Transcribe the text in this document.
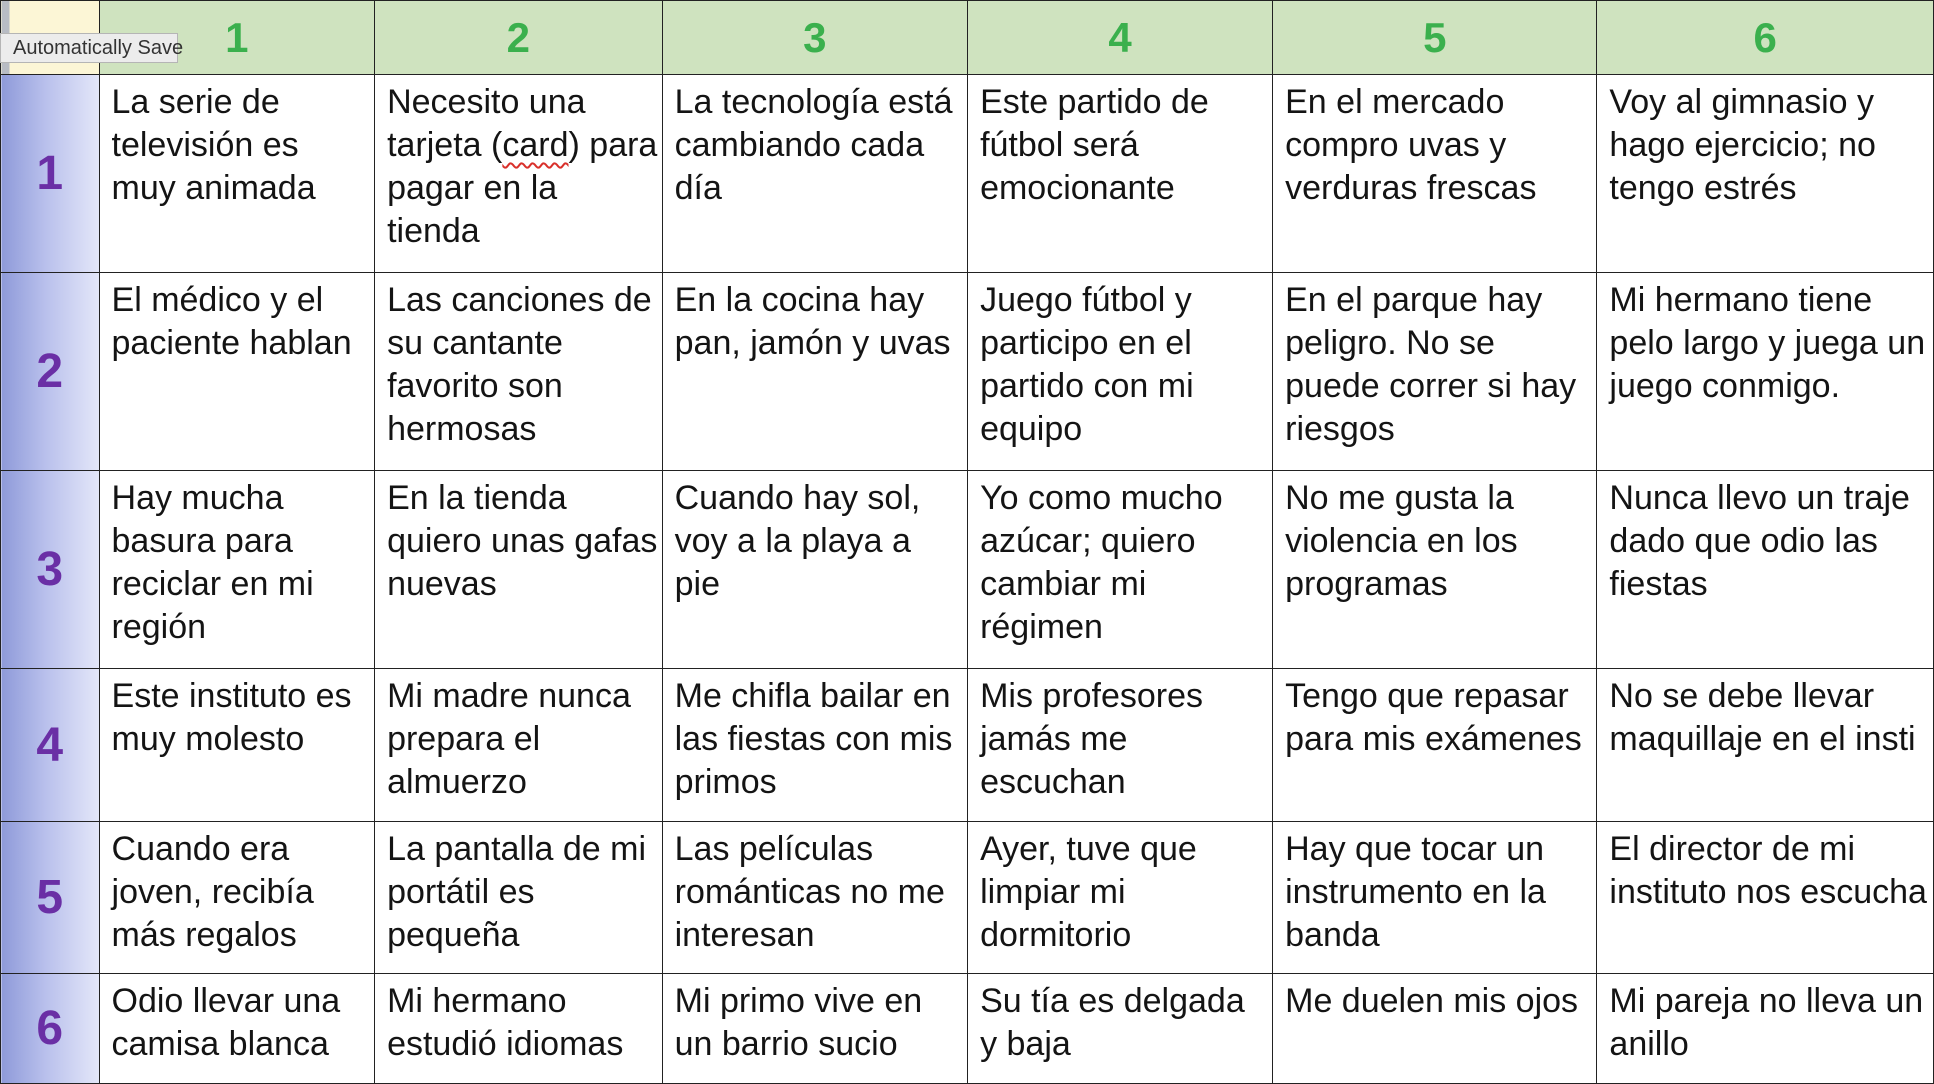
Automatically Save
	1	2	3	4	5	6
1	La serie de televisión es muy animada	Necesito una tarjeta (card) para pagar en la tienda	La tecnología está cambiando cada día	Este partido de fútbol será emocionante	En el mercado compro uvas y verduras frescas	Voy al gimnasio y hago ejercicio; no tengo estrés
2	El médico y el paciente hablan	Las canciones de su cantante favorito son hermosas	En la cocina hay pan, jamón y uvas	Juego fútbol y participo en el partido con mi equipo	En el parque hay peligro. No se puede correr si hay riesgos	Mi hermano tiene pelo largo y juega un juego conmigo.
3	Hay mucha basura para reciclar en mi región	En la tienda quiero unas gafas nuevas	Cuando hay sol, voy a la playa a pie	Yo como mucho azúcar; quiero cambiar mi régimen	No me gusta la violencia en los programas	Nunca llevo un traje dado que odio las fiestas
4	Este instituto es muy molesto	Mi madre nunca prepara el almuerzo	Me chifla bailar en las fiestas con mis primos	Mis profesores jamás me escuchan	Tengo que repasar para mis exámenes	No se debe llevar maquillaje en el insti
5	Cuando era joven, recibía más regalos	La pantalla de mi portátil es pequeña	Las películas románticas no me interesan	Ayer, tuve que limpiar mi dormitorio	Hay que tocar un instrumento en la banda	El director de mi instituto nos escucha
6	Odio llevar una camisa blanca	Mi hermano estudió idiomas	Mi primo vive en un barrio sucio	Su tía es delgada y baja	Me duelen mis ojos	Mi pareja no lleva un anillo
